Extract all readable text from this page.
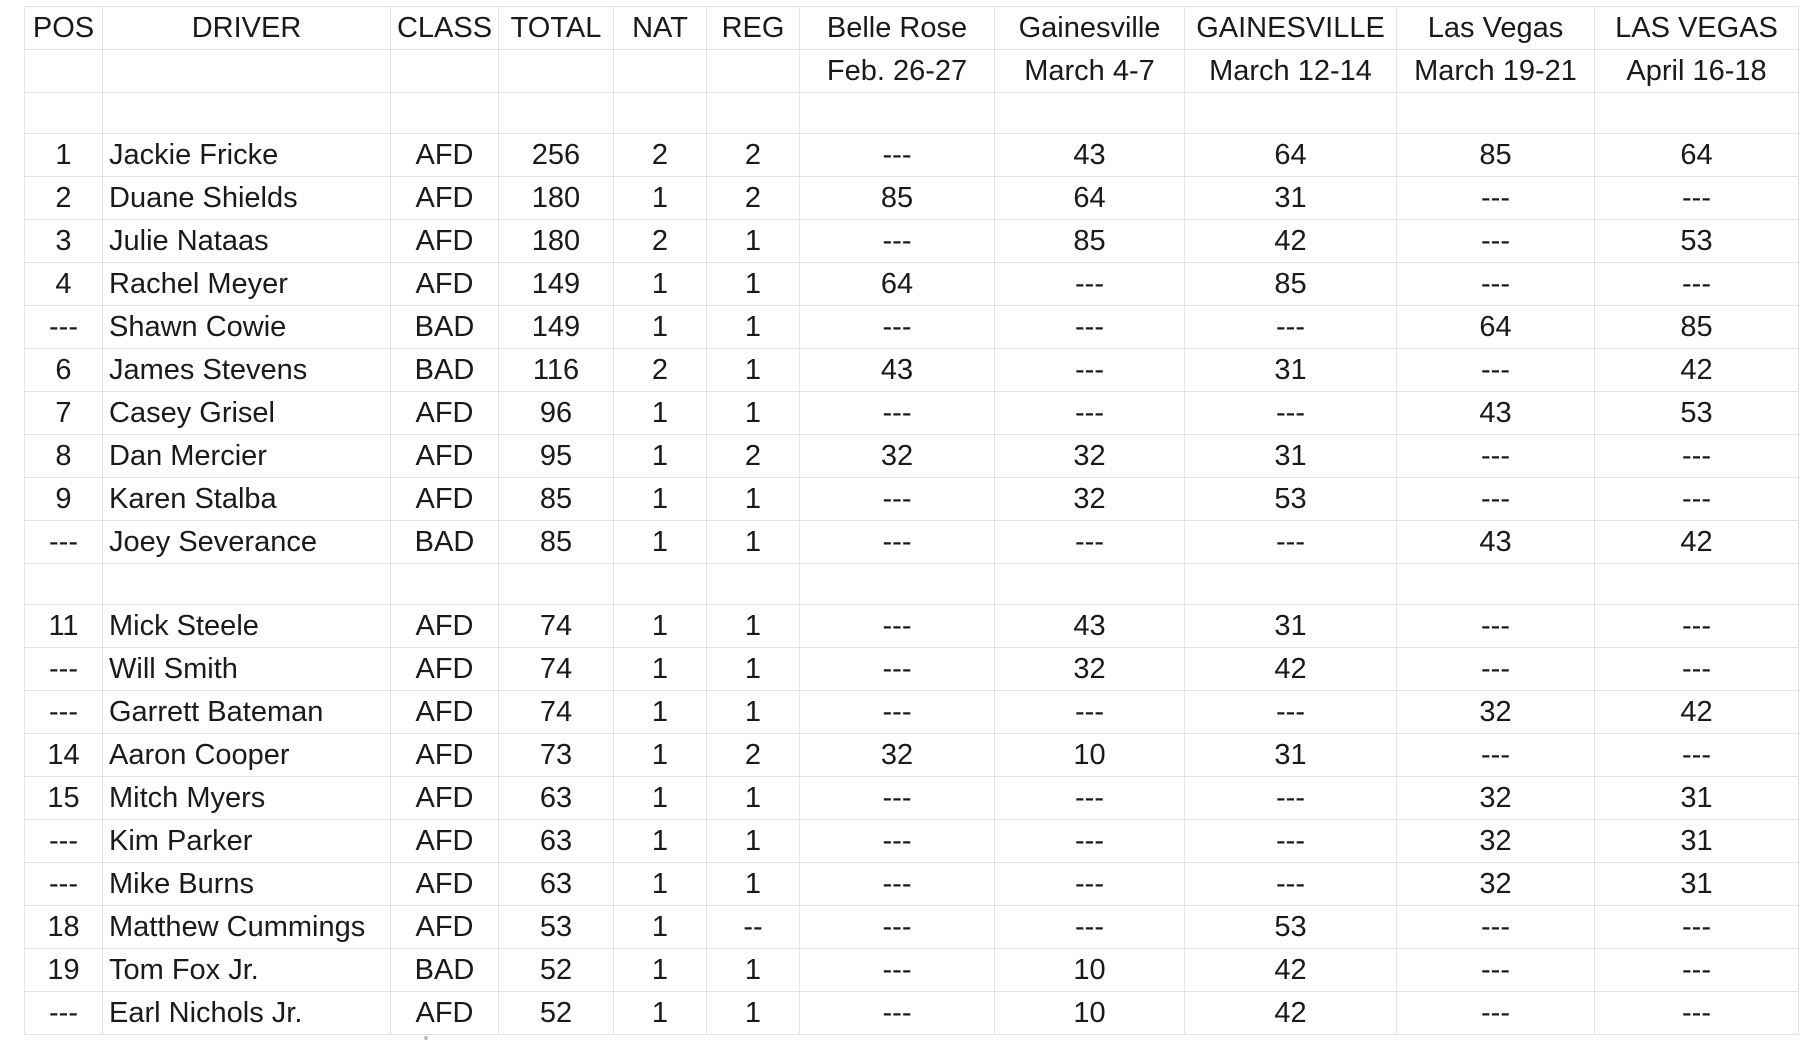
POS	DRIVER	CLASS	TOTAL	NAT	REG	Belle Rose	Gainesville	GAINESVILLE	Las Vegas	LAS VEGAS
						Feb. 26-27	March 4-7	March 12-14	March 19-21	April 16-18

1	Jackie Fricke	AFD	256	2	2	---	43	64	85	64
2	Duane Shields	AFD	180	1	2	85	64	31	---	---
3	Julie Nataas	AFD	180	2	1	---	85	42	---	53
4	Rachel Meyer	AFD	149	1	1	64	---	85	---	---
---	Shawn Cowie	BAD	149	1	1	---	---	---	64	85
6	James Stevens	BAD	116	2	1	43	---	31	---	42
7	Casey Grisel	AFD	96	1	1	---	---	---	43	53
8	Dan Mercier	AFD	95	1	2	32	32	31	---	---
9	Karen Stalba	AFD	85	1	1	---	32	53	---	---
---	Joey Severance	BAD	85	1	1	---	---	---	43	42

11	Mick Steele	AFD	74	1	1	---	43	31	---	---
---	Will Smith	AFD	74	1	1	---	32	42	---	---
---	Garrett Bateman	AFD	74	1	1	---	---	---	32	42
14	Aaron Cooper	AFD	73	1	2	32	10	31	---	---
15	Mitch Myers	AFD	63	1	1	---	---	---	32	31
---	Kim Parker	AFD	63	1	1	---	---	---	32	31
---	Mike Burns	AFD	63	1	1	---	---	---	32	31
18	Matthew Cummings	AFD	53	1	--	---	---	53	---	---
19	Tom Fox Jr.	BAD	52	1	1	---	10	42	---	---
---	Earl Nichols Jr.	AFD	52	1	1	---	10	42	---	---
